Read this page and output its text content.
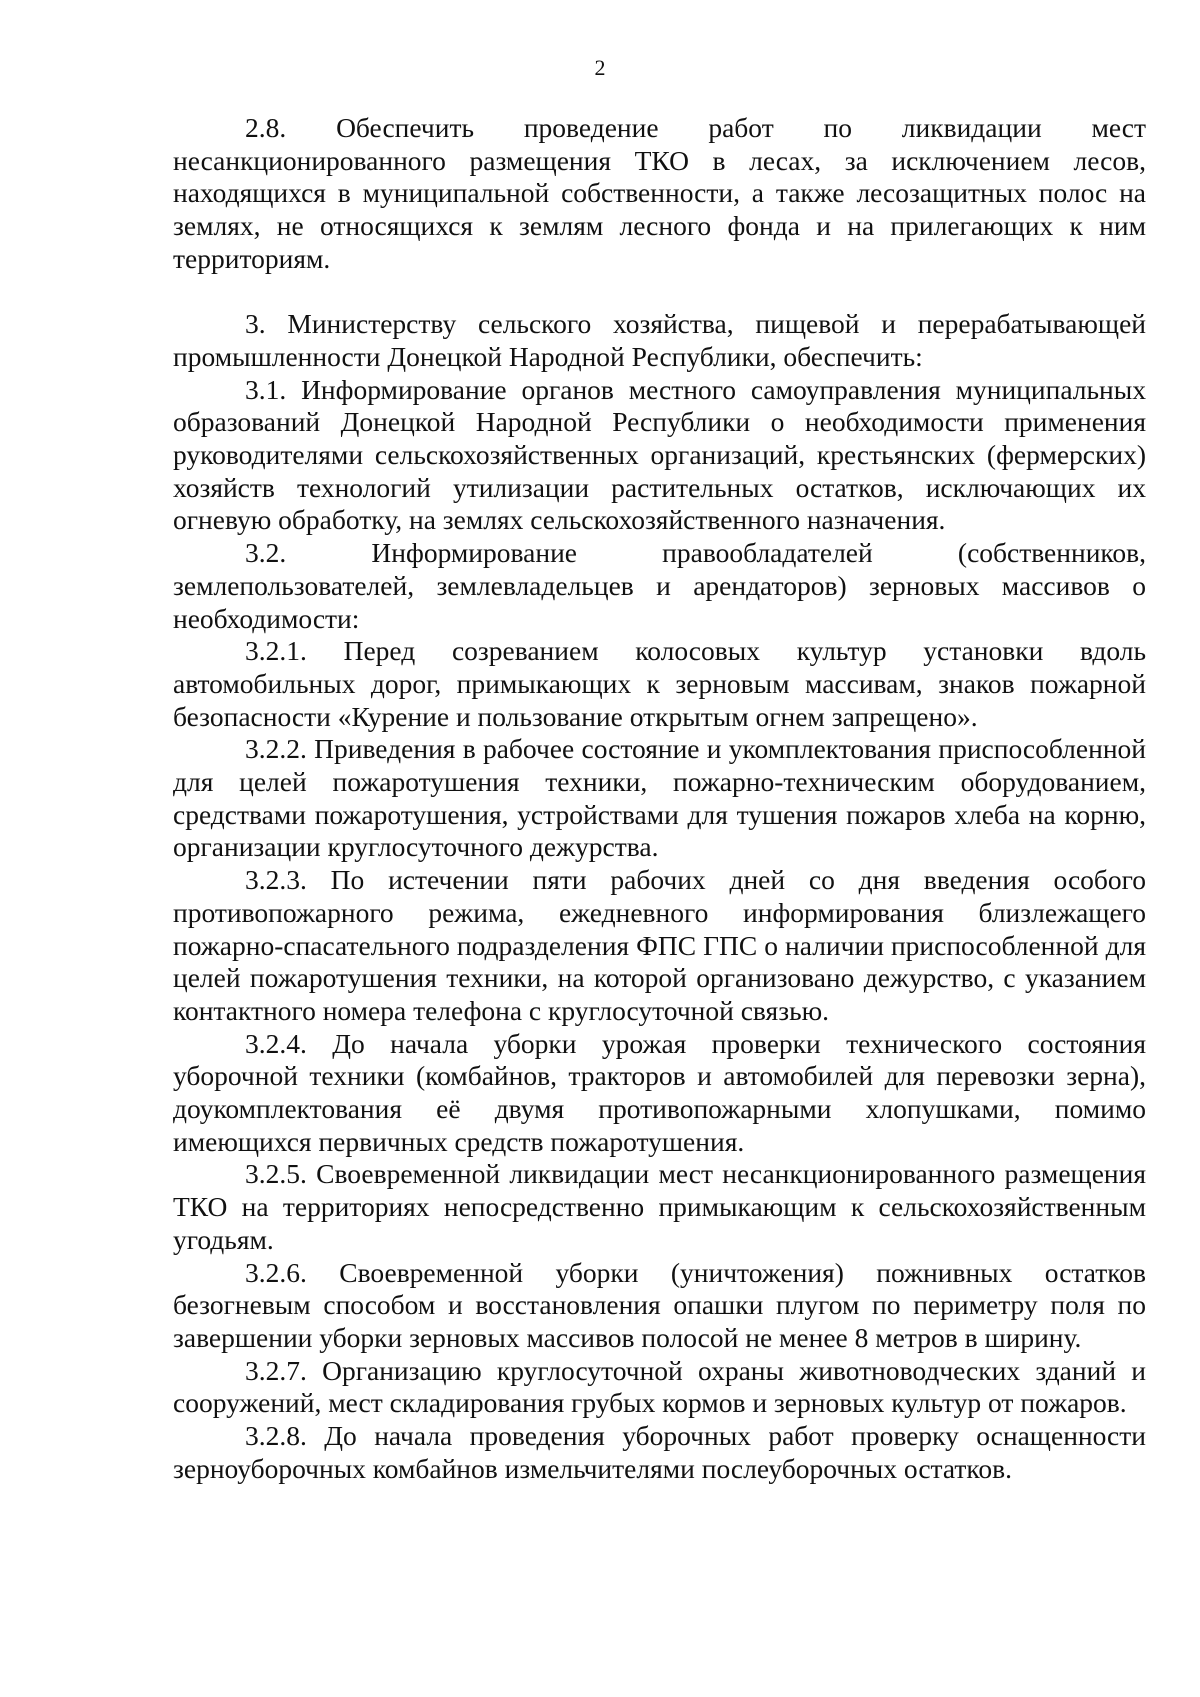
2

2.8. Обеспечить проведение работ по ликвидации мест несанкционированного размещения ТКО в лесах, за исключением лесов, находящихся в муниципальной собственности, а также лесозащитных полос на землях, не относящихся к землям лесного фонда и на прилегающих к ним территориям.

3. Министерству сельского хозяйства, пищевой и перерабатывающей промышленности Донецкой Народной Республики, обеспечить:

3.1. Информирование органов местного самоуправления муниципальных образований Донецкой Народной Республики о необходимости применения руководителями сельскохозяйственных организаций, крестьянских (фермерских) хозяйств технологий утилизации растительных остатков, исключающих их огневую обработку, на землях сельскохозяйственного назначения.

3.2. Информирование правообладателей (собственников, землепользователей, землевладельцев и арендаторов) зерновых массивов о необходимости:

3.2.1. Перед созреванием колосовых культур установки вдоль автомобильных дорог, примыкающих к зерновым массивам, знаков пожарной безопасности «Курение и пользование открытым огнем запрещено».

3.2.2. Приведения в рабочее состояние и укомплектования приспособленной для целей пожаротушения техники, пожарно-техническим оборудованием, средствами пожаротушения, устройствами для тушения пожаров хлеба на корню, организации круглосуточного дежурства.

3.2.3. По истечении пяти рабочих дней со дня введения особого противопожарного режима, ежедневного информирования близлежащего пожарно-спасательного подразделения ФПС ГПС о наличии приспособленной для целей пожаротушения техники, на которой организовано дежурство, с указанием контактного номера телефона с круглосуточной связью.

3.2.4. До начала уборки урожая проверки технического состояния уборочной техники (комбайнов, тракторов и автомобилей для перевозки зерна), доукомплектования её двумя противопожарными хлопушками, помимо имеющихся первичных средств пожаротушения.

3.2.5. Своевременной ликвидации мест несанкционированного размещения ТКО на территориях непосредственно примыкающим к сельскохозяйственным угодьям.

3.2.6. Своевременной уборки (уничтожения) пожнивных остатков безогневым способом и восстановления опашки плугом по периметру поля по завершении уборки зерновых массивов полосой не менее 8 метров в ширину.

3.2.7. Организацию круглосуточной охраны животноводческих зданий и сооружений, мест складирования грубых кормов и зерновых культур от пожаров.

3.2.8. До начала проведения уборочных работ проверку оснащенности зерноуборочных комбайнов измельчителями послеуборочных остатков.
